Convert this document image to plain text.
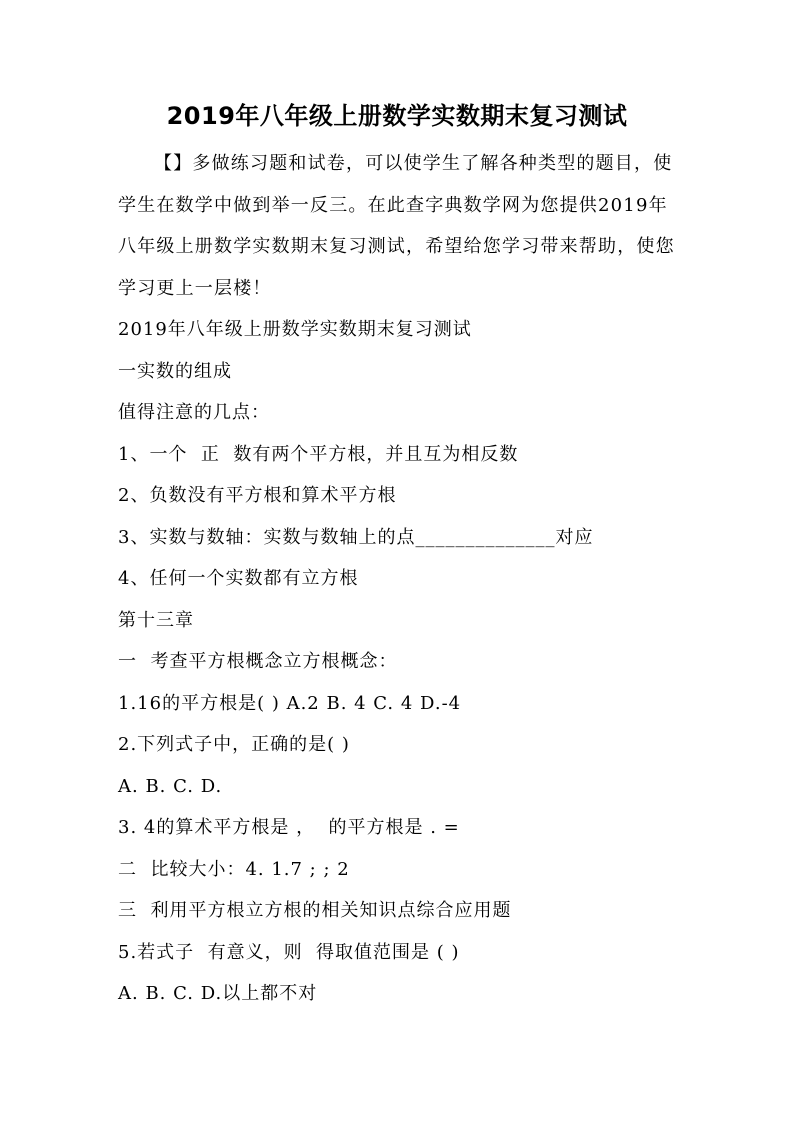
2019年八年级上册数学实数期末复习测试

【】多做练习题和试卷，可以使学生了解各种类型的题目，使学生在数学中做到举一反三。在此查字典数学网为您提供2019年八年级上册数学实数期末复习测试，希望给您学习带来帮助，使您学习更上一层楼！

2019年八年级上册数学实数期末复习测试

一实数的组成

值得注意的几点：

1、一个  正  数有两个平方根，并且互为相反数

2、负数没有平方根和算术平方根

3、实数与数轴：实数与数轴上的点______________对应

4、任何一个实数都有立方根

第十三章

一  考查平方根概念立方根概念：

1.16的平方根是( ) A.2 B. 4 C. 4 D.-4

2.下列式子中，正确的是( )

A. B. C. D.

3. 4的算术平方根是 ，  的平方根是 . =

二  比较大小：4. 1.7 ; ; 2

三  利用平方根立方根的相关知识点综合应用题

5.若式子  有意义，则  得取值范围是 ( )

A. B. C. D.以上都不对
